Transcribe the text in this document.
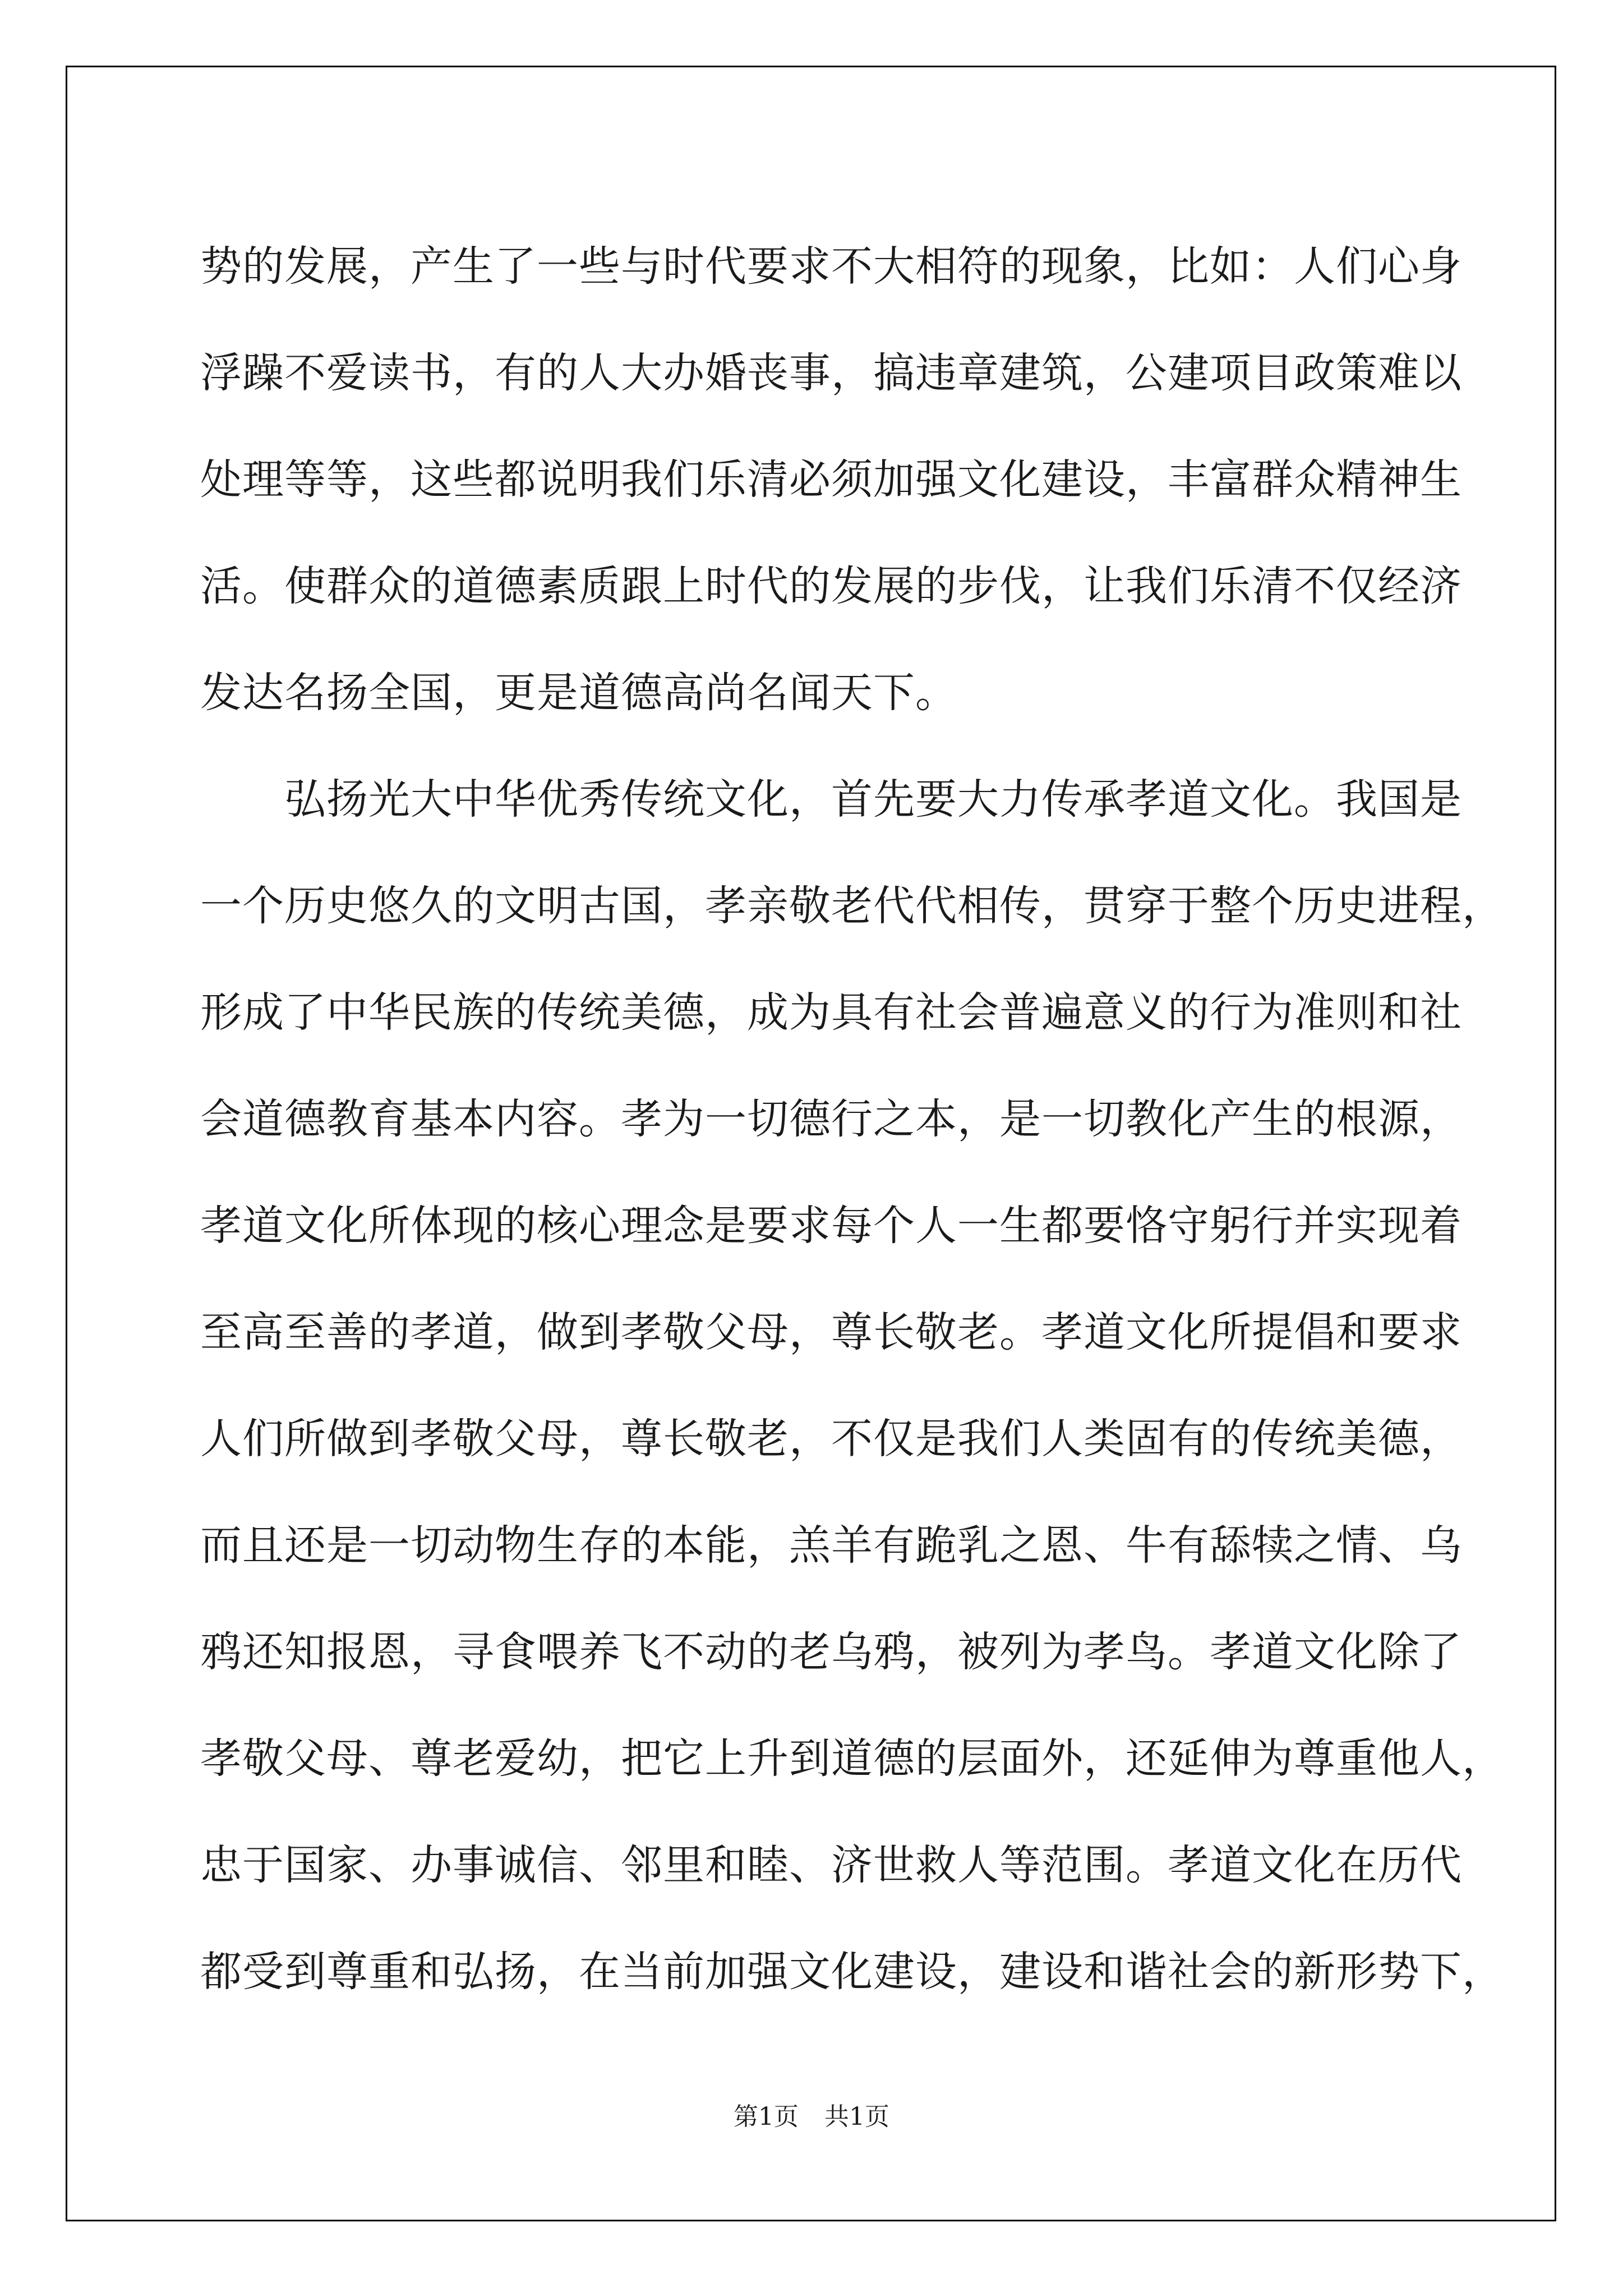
势的发展，产生了一些与时代要求不大相符的现象，比如：人们心身
浮躁不爱读书，有的人大办婚丧事，搞违章建筑，公建项目政策难以
处理等等，这些都说明我们乐清必须加强文化建设，丰富群众精神生
活。使群众的道德素质跟上时代的发展的步伐，让我们乐清不仅经济
发达名扬全国，更是道德高尚名闻天下。
　　弘扬光大中华优秀传统文化，首先要大力传承孝道文化。我国是
一个历史悠久的文明古国，孝亲敬老代代相传，贯穿于整个历史进程，
形成了中华民族的传统美德，成为具有社会普遍意义的行为准则和社
会道德教育基本内容。孝为一切德行之本，是一切教化产生的根源，
孝道文化所体现的核心理念是要求每个人一生都要恪守躬行并实现着
至高至善的孝道，做到孝敬父母，尊长敬老。孝道文化所提倡和要求
人们所做到孝敬父母，尊长敬老，不仅是我们人类固有的传统美德，
而且还是一切动物生存的本能，羔羊有跪乳之恩、牛有舔犊之情、乌
鸦还知报恩，寻食喂养飞不动的老乌鸦，被列为孝鸟。孝道文化除了
孝敬父母、尊老爱幼，把它上升到道德的层面外，还延伸为尊重他人，
忠于国家、办事诚信、邻里和睦、济世救人等范围。孝道文化在历代
都受到尊重和弘扬，在当前加强文化建设，建设和谐社会的新形势下，
第1页 共1页
